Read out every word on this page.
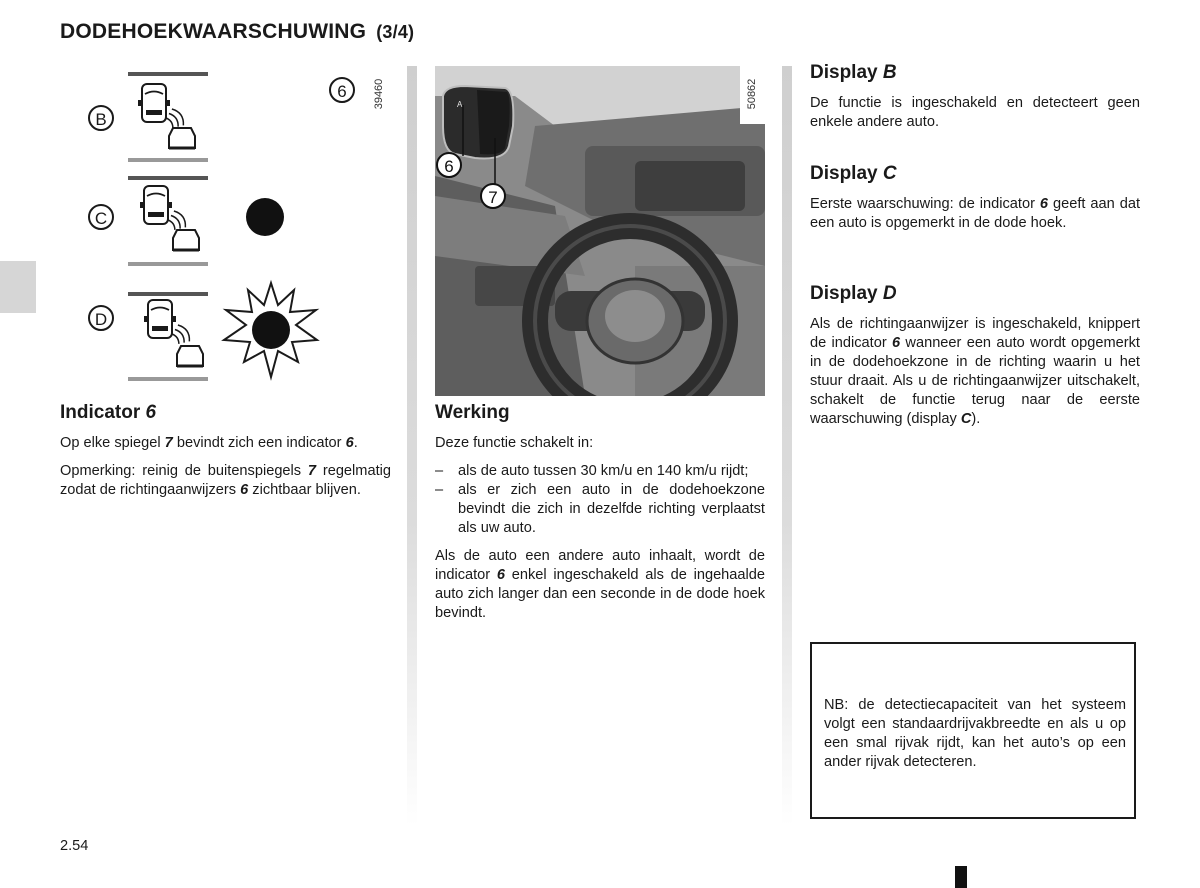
DODEHOEKWAARSCHUWING (3/4)
B
C
D
6 39460	A
6
7
50862
Indicator 6

Op elke spiegel 7 bevindt zich een indicator 6.

Opmerking: reinig de buitenspiegels 7 regelmatig zodat de richtingaanwijzers 6 zichtbaar blijven.

Werking

Deze functie schakelt in:

– als de auto tussen 30 km/u en 140 km/u rijdt;
– als er zich een auto in de dodehoekzone bevindt die zich in dezelfde richting verplaatst als uw auto.

Als de auto een andere auto inhaalt, wordt de indicator 6 enkel ingeschakeld als de ingehaalde auto zich langer dan een seconde in de dode hoek bevindt.

Display B
De functie is ingeschakeld en detecteert geen enkele andere auto.
Display C
Eerste waarschuwing: de indicator 6 geeft aan dat een auto is opgemerkt in de dode hoek.
Display D
Als de richtingaanwijzer is ingeschakeld, knippert de indicator 6 wanneer een auto wordt opgemerkt in de dodehoekzone in de richting waarin u het stuur draait. Als u de richtingaanwijzer uitschakelt, schakelt de functie terug naar de eerste waarschuwing (display C).
NB: de detectiecapaciteit van het systeem volgt een standaardrijvakbreedte en als u op een smal rijvak rijdt, kan het auto’s op een ander rijvak detecteren.
2.54
